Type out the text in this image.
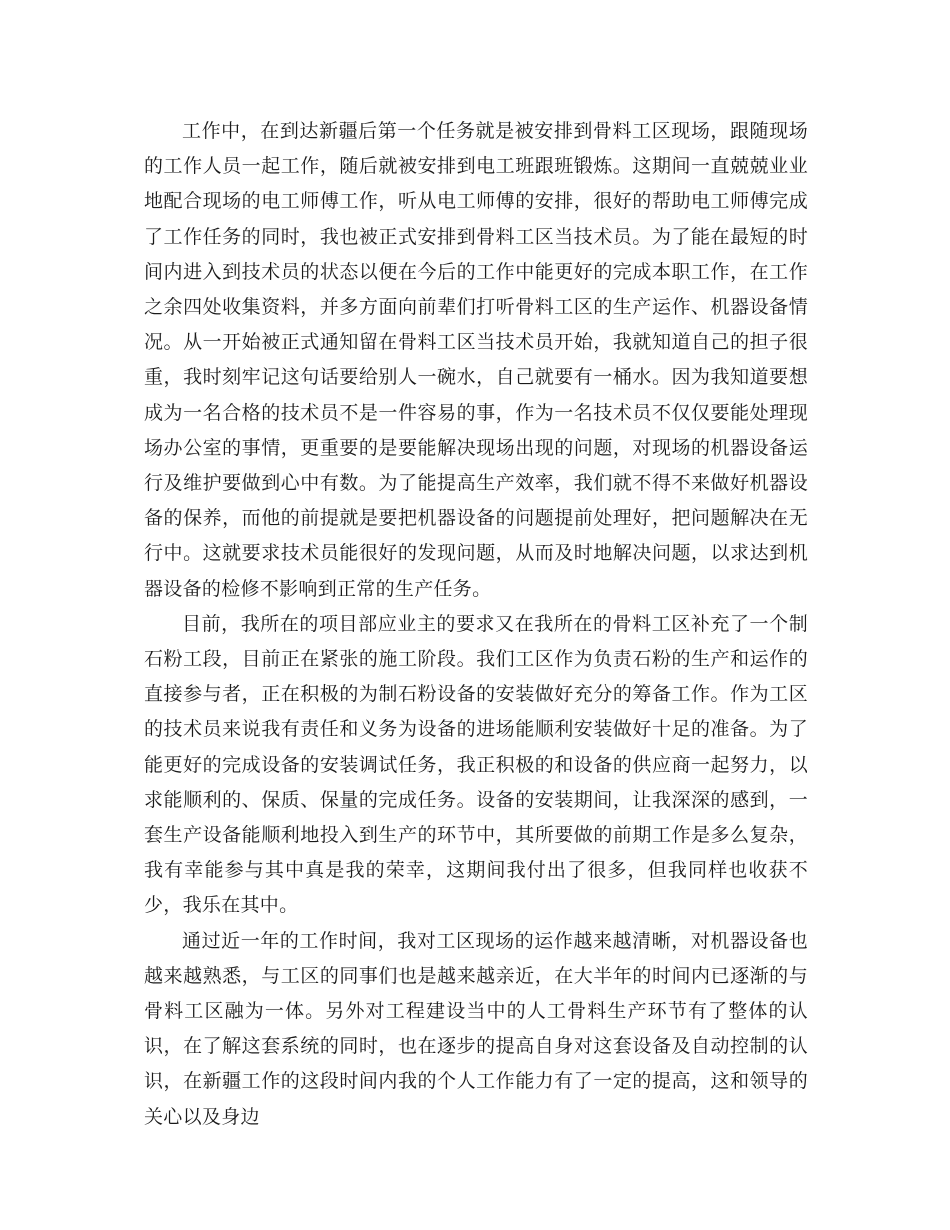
工作中，在到达新疆后第一个任务就是被安排到骨料工区现场，跟随现场的工作人员一起工作，随后就被安排到电工班跟班锻炼。这期间一直兢兢业业地配合现场的电工师傅工作，听从电工师傅的安排，很好的帮助电工师傅完成了工作任务的同时，我也被正式安排到骨料工区当技术员。为了能在最短的时间内进入到技术员的状态以便在今后的工作中能更好的完成本职工作，在工作之余四处收集资料，并多方面向前辈们打听骨料工区的生产运作、机器设备情况。从一开始被正式通知留在骨料工区当技术员开始，我就知道自己的担子很重，我时刻牢记这句话要给别人一碗水，自己就要有一桶水。因为我知道要想成为一名合格的技术员不是一件容易的事，作为一名技术员不仅仅要能处理现场办公室的事情，更重要的是要能解决现场出现的问题，对现场的机器设备运行及维护要做到心中有数。为了能提高生产效率，我们就不得不来做好机器设备的保养，而他的前提就是要把机器设备的问题提前处理好，把问题解决在无行中。这就要求技术员能很好的发现问题，从而及时地解决问题，以求达到机器设备的检修不影响到正常的生产任务。

目前，我所在的项目部应业主的要求又在我所在的骨料工区补充了一个制石粉工段，目前正在紧张的施工阶段。我们工区作为负责石粉的生产和运作的直接参与者，正在积极的为制石粉设备的安装做好充分的筹备工作。作为工区的技术员来说我有责任和义务为设备的进场能顺利安装做好十足的准备。为了能更好的完成设备的安装调试任务，我正积极的和设备的供应商一起努力，以求能顺利的、保质、保量的完成任务。设备的安装期间，让我深深的感到，一套生产设备能顺利地投入到生产的环节中，其所要做的前期工作是多么复杂，我有幸能参与其中真是我的荣幸，这期间我付出了很多，但我同样也收获不少，我乐在其中。

通过近一年的工作时间，我对工区现场的运作越来越清晰，对机器设备也越来越熟悉，与工区的同事们也是越来越亲近，在大半年的时间内已逐渐的与骨料工区融为一体。另外对工程建设当中的人工骨料生产环节有了整体的认识，在了解这套系统的同时，也在逐步的提高自身对这套设备及自动控制的认识，在新疆工作的这段时间内我的个人工作能力有了一定的提高，这和领导的关心以及身边
